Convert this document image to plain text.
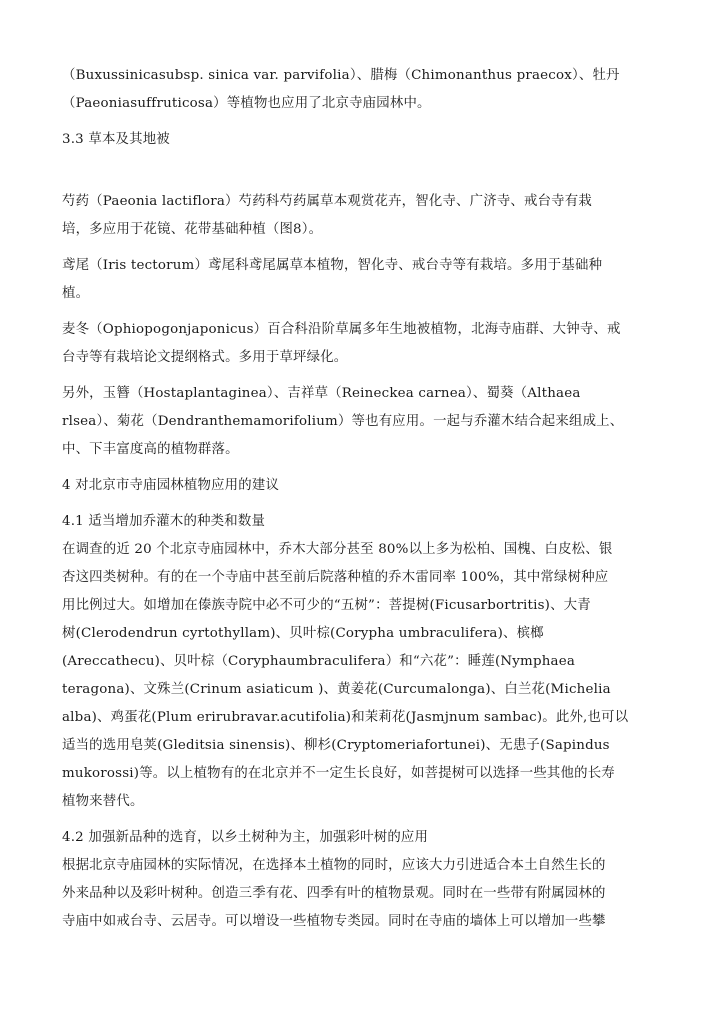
（Buxussinicasubsp. sinica var. parvifolia）、腊梅（Chimonanthus praecox）、牡丹
（Paeoniasuffruticosa）等植物也应用了北京寺庙园林中。

3.3 草本及其地被

芍药（Paeonia lactiflora）芍药科芍药属草本观赏花卉，智化寺、广济寺、戒台寺有栽
培，多应用于花镜、花带基础种植（图8）。

鸢尾（Iris tectorum）鸢尾科鸢尾属草本植物，智化寺、戒台寺等有栽培。多用于基础种
植。

麦冬（Ophiopogonjaponicus）百合科沿阶草属多年生地被植物，北海寺庙群、大钟寺、戒
台寺等有栽培论文提纲格式。多用于草坪绿化。

另外，玉簪（Hostaplantaginea）、吉祥草（Reineckea carnea）、蜀葵（Althaea
rlsea）、菊花（Dendranthemamorifolium）等也有应用。一起与乔灌木结合起来组成上、
中、下丰富度高的植物群落。

4 对北京市寺庙园林植物应用的建议

4.1 适当增加乔灌木的种类和数量

在调查的近 20 个北京寺庙园林中，乔木大部分甚至 80%以上多为松柏、国槐、白皮松、银
杏这四类树种。有的在一个寺庙中甚至前后院落种植的乔木雷同率 100%，其中常绿树种应
用比例过大。如增加在傣族寺院中必不可少的“五树”：菩提树(Ficusarbortritis)、大青
树(Clerodendrun cyrtothyllam)、贝叶棕(Corypha umbraculifera)、槟榔
(Areccathecu)、贝叶棕（Coryphaumbraculifera）和“六花”：睡莲(Nymphaea
teragona)、文殊兰(Crinum asiaticum )、黄姜花(Curcumalonga)、白兰花(Michelia
alba)、鸡蛋花(Plum erirubravar.acutifolia)和茉莉花(Jasmjnum sambac)。此外,也可以
适当的选用皂荚(Gleditsia sinensis)、柳杉(Cryptomeriafortunei)、无患子(Sapindus
mukorossi)等。以上植物有的在北京并不一定生长良好，如菩提树可以选择一些其他的长寿
植物来替代。

4.2 加强新品种的选育，以乡土树种为主，加强彩叶树的应用

根据北京寺庙园林的实际情况，在选择本土植物的同时，应该大力引进适合本土自然生长的
外来品种以及彩叶树种。创造三季有花、四季有叶的植物景观。同时在一些带有附属园林的
寺庙中如戒台寺、云居寺。可以增设一些植物专类园。同时在寺庙的墙体上可以增加一些攀
